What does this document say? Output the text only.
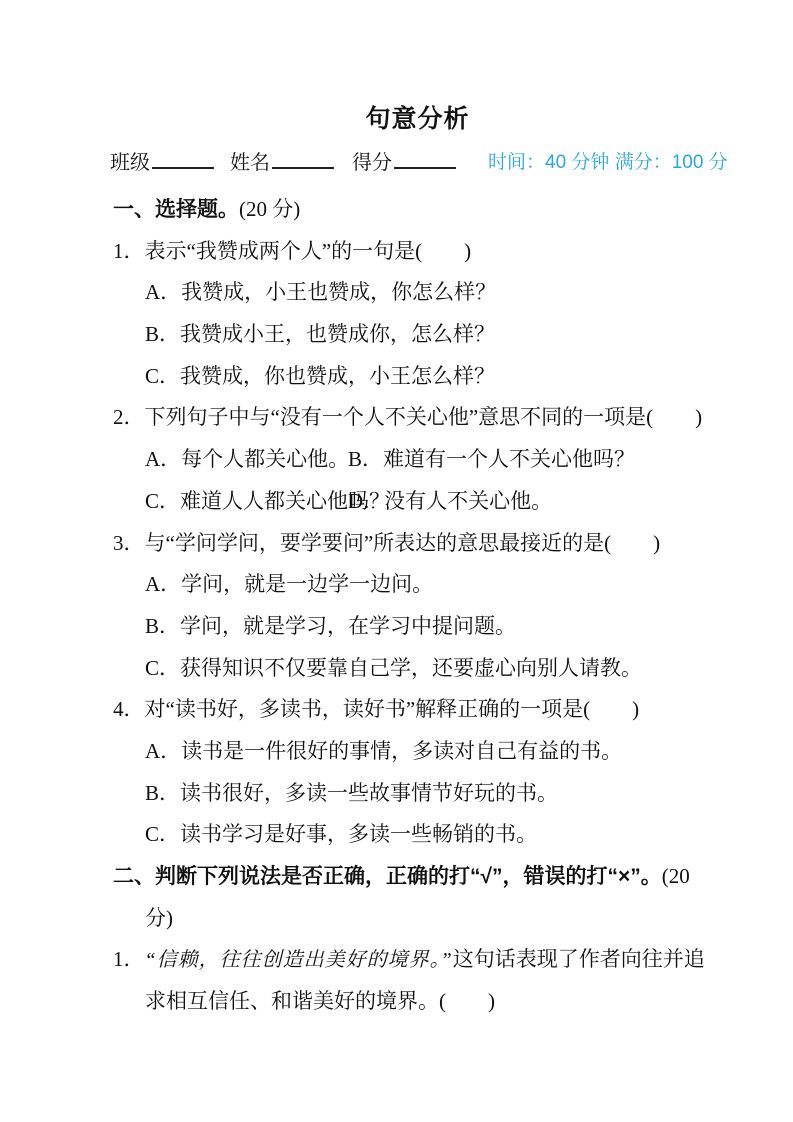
句意分析
班级	姓名	得分	时间：40 分钟 满分：100 分
一、选择题。(20 分)
1．表示“我赞成两个人”的一句是(　　)
A．我赞成，小王也赞成，你怎么样？
B．我赞成小王，也赞成你，怎么样？
C．我赞成，你也赞成，小王怎么样？
2．下列句子中与“没有一个人不关心他”意思不同的一项是(　　)
A．每个人都关心他。
B．难道有一个人不关心他吗？
C．难道人人都关心他吗？
D．没有人不关心他。
3．与“学问学问，要学要问”所表达的意思最接近的是(　　)
A．学问，就是一边学一边问。
B．学问，就是学习，在学习中提问题。
C．获得知识不仅要靠自己学，还要虚心向别人请教。
4．对“读书好，多读书，读好书”解释正确的一项是(　　)
A．读书是一件很好的事情，多读对自己有益的书。
B．读书很好，多读一些故事情节好玩的书。
C．读书学习是好事，多读一些畅销的书。
二、判断下列说法是否正确，正确的打“√”，错误的打“×”。(20
分)
1．“信赖，往往创造出美好的境界。”这句话表现了作者向往并追
求相互信任、和谐美好的境界。(　　)
